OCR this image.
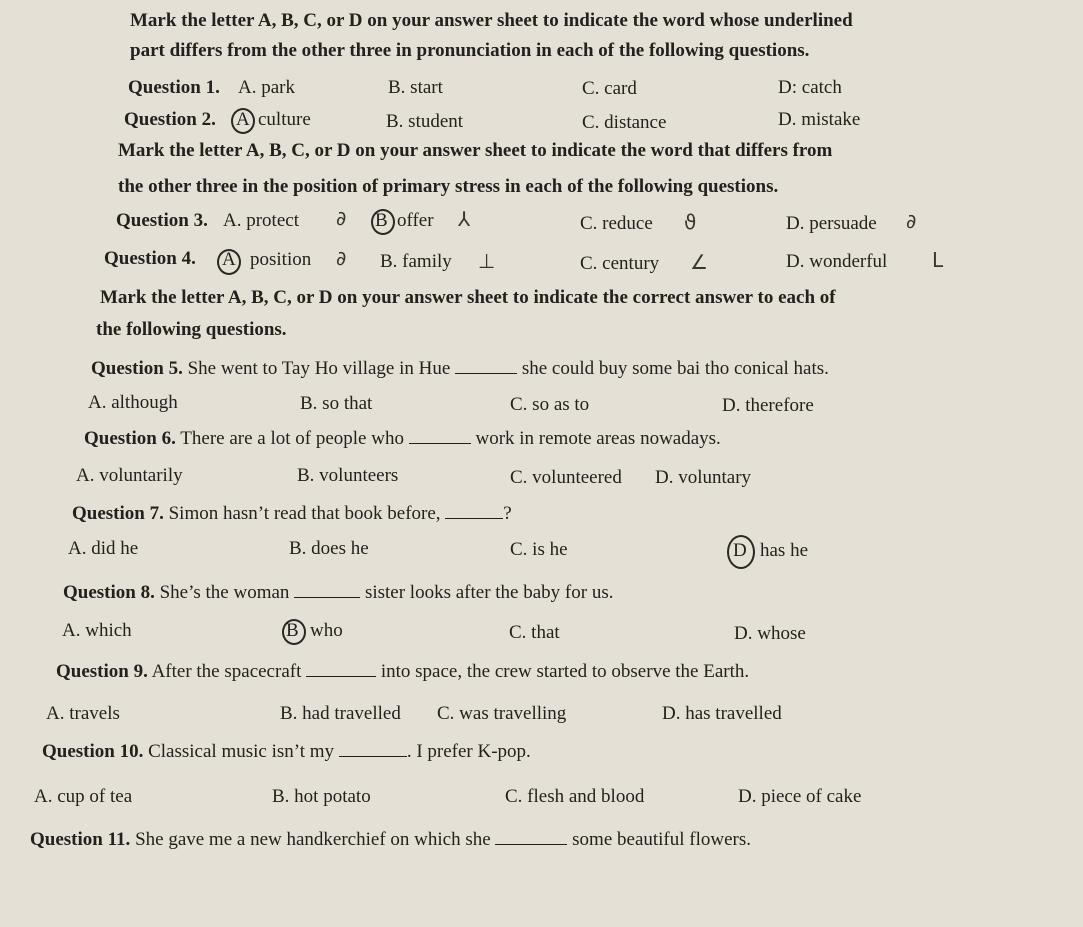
Mark the letter A, B, C, or D on your answer sheet to indicate the word whose underlined
part differs from the other three in pronunciation in each of the following questions.
Question 1. A. park	B. start	C. card	D: catch
Question 2. A culture	B. student	C. distance	D. mistake
Mark the letter A, B, C, or D on your answer sheet to indicate the word that differs from
the other three in the position of primary stress in each of the following questions.
Question 3. A. protect ∂ B offer ⅄	C. reduce ϑ	D. persuade ∂
Question 4. A position ∂ B. family ⊥	C. century ∠	D. wonderful L
Mark the letter A, B, C, or D on your answer sheet to indicate the correct answer to each of
the following questions.
Question 5. She went to Tay Ho village in Hue	she could buy some bai tho conical hats.
A. although	B. so that	C. so as to	D. therefore
Question 6. There are a lot of people who	work in remote areas nowadays.
A. voluntarily	B. volunteers	C. volunteered D. voluntary
Question 7. Simon hasn’t read that book before,	?
A. did he	B. does he	C. is he	D has he
Question 8. She’s the woman	sister looks after the baby for us.
A. which	B who	C. that	D. whose
Question 9. After the spacecraft	into space, the crew started to observe the Earth.
A. travels	B. had travelled C. was travelling	D. has travelled
Question 10. Classical music isn’t my	. I prefer K-pop.
A. cup of tea	B. hot potato	C. flesh and blood	D. piece of cake
Question 11. She gave me a new handkerchief on which she	some beautiful flowers.
